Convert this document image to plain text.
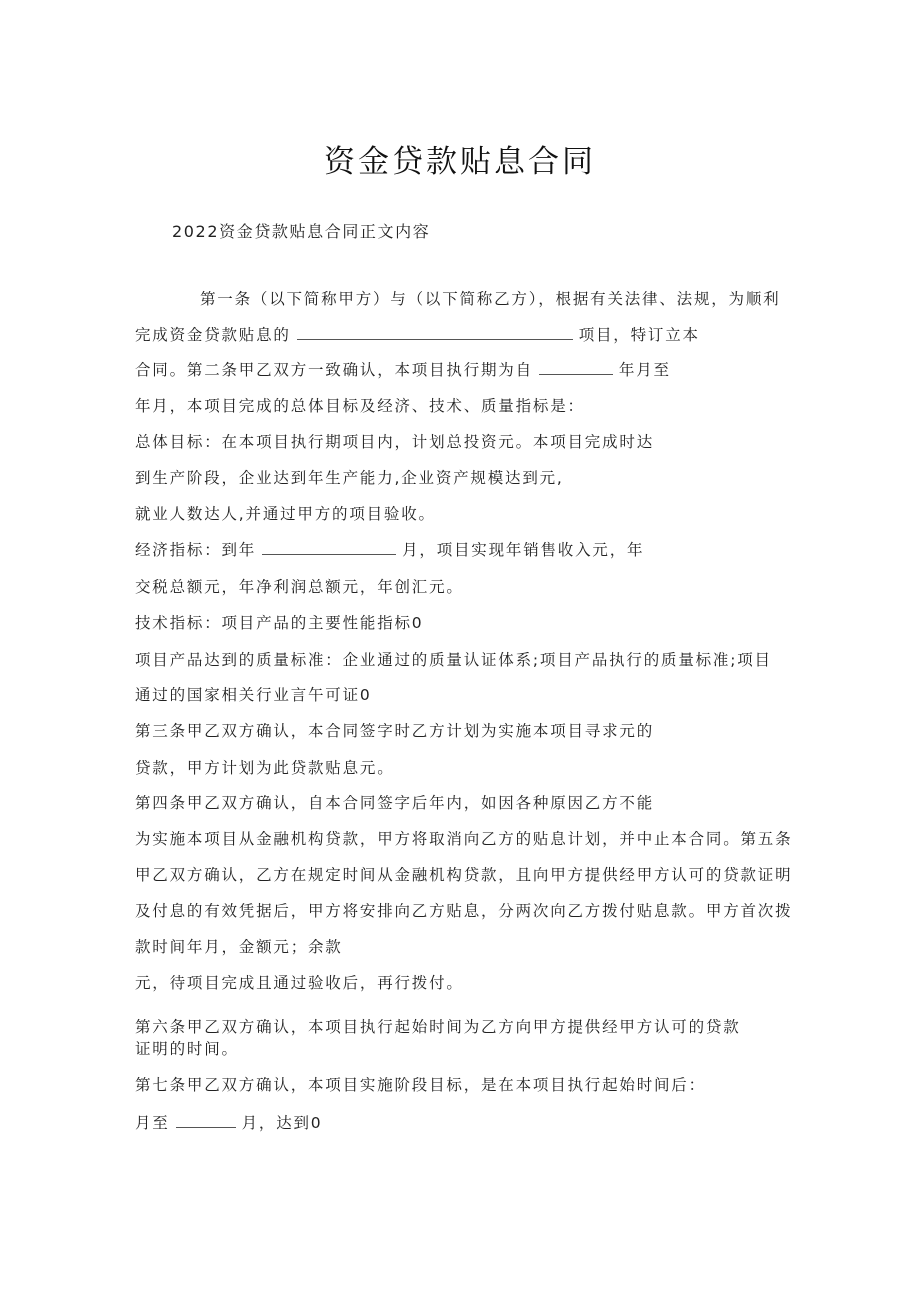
资金贷款贴息合同
2022资金贷款贴息合同正文内容
第一条（以下简称甲方）与（以下简称乙方），根据有关法律、法规，为顺利
完成资金贷款贴息的	项目，特订立本
合同。第二条甲乙双方一致确认，本项目执行期为自	年月至
年月，本项目完成的总体目标及经济、技术、质量指标是：
总体目标：在本项目执行期项目内，计划总投资元。本项目完成时达
到生产阶段，企业达到年生产能力,企业资产规模达到元,
就业人数达人,并通过甲方的项目验收。
经济指标：到年	月，项目实现年销售收入元，年
交税总额元，年净利润总额元，年创汇元。
技术指标：项目产品的主要性能指标0
项目产品达到的质量标准：企业通过的质量认证体系;项目产品执行的质量标准;项目
通过的国家相关行业言午可证0
第三条甲乙双方确认，本合同签字时乙方计划为实施本项目寻求元的
贷款，甲方计划为此贷款贴息元。
第四条甲乙双方确认，自本合同签字后年内，如因各种原因乙方不能
为实施本项目从金融机构贷款，甲方将取消向乙方的贴息计划，并中止本合同。第五条
甲乙双方确认，乙方在规定时间从金融机构贷款，且向甲方提供经甲方认可的贷款证明
及付息的有效凭据后，甲方将安排向乙方贴息，分两次向乙方拨付贴息款。甲方首次拨
款时间年月，金额元；余款
元，待项目完成且通过验收后，再行拨付。
第六条甲乙双方确认，本项目执行起始时间为乙方向甲方提供经甲方认可的贷款
证明的时间。
第七条甲乙双方确认，本项目实施阶段目标，是在本项目执行起始时间后：
月至	月，达到0
